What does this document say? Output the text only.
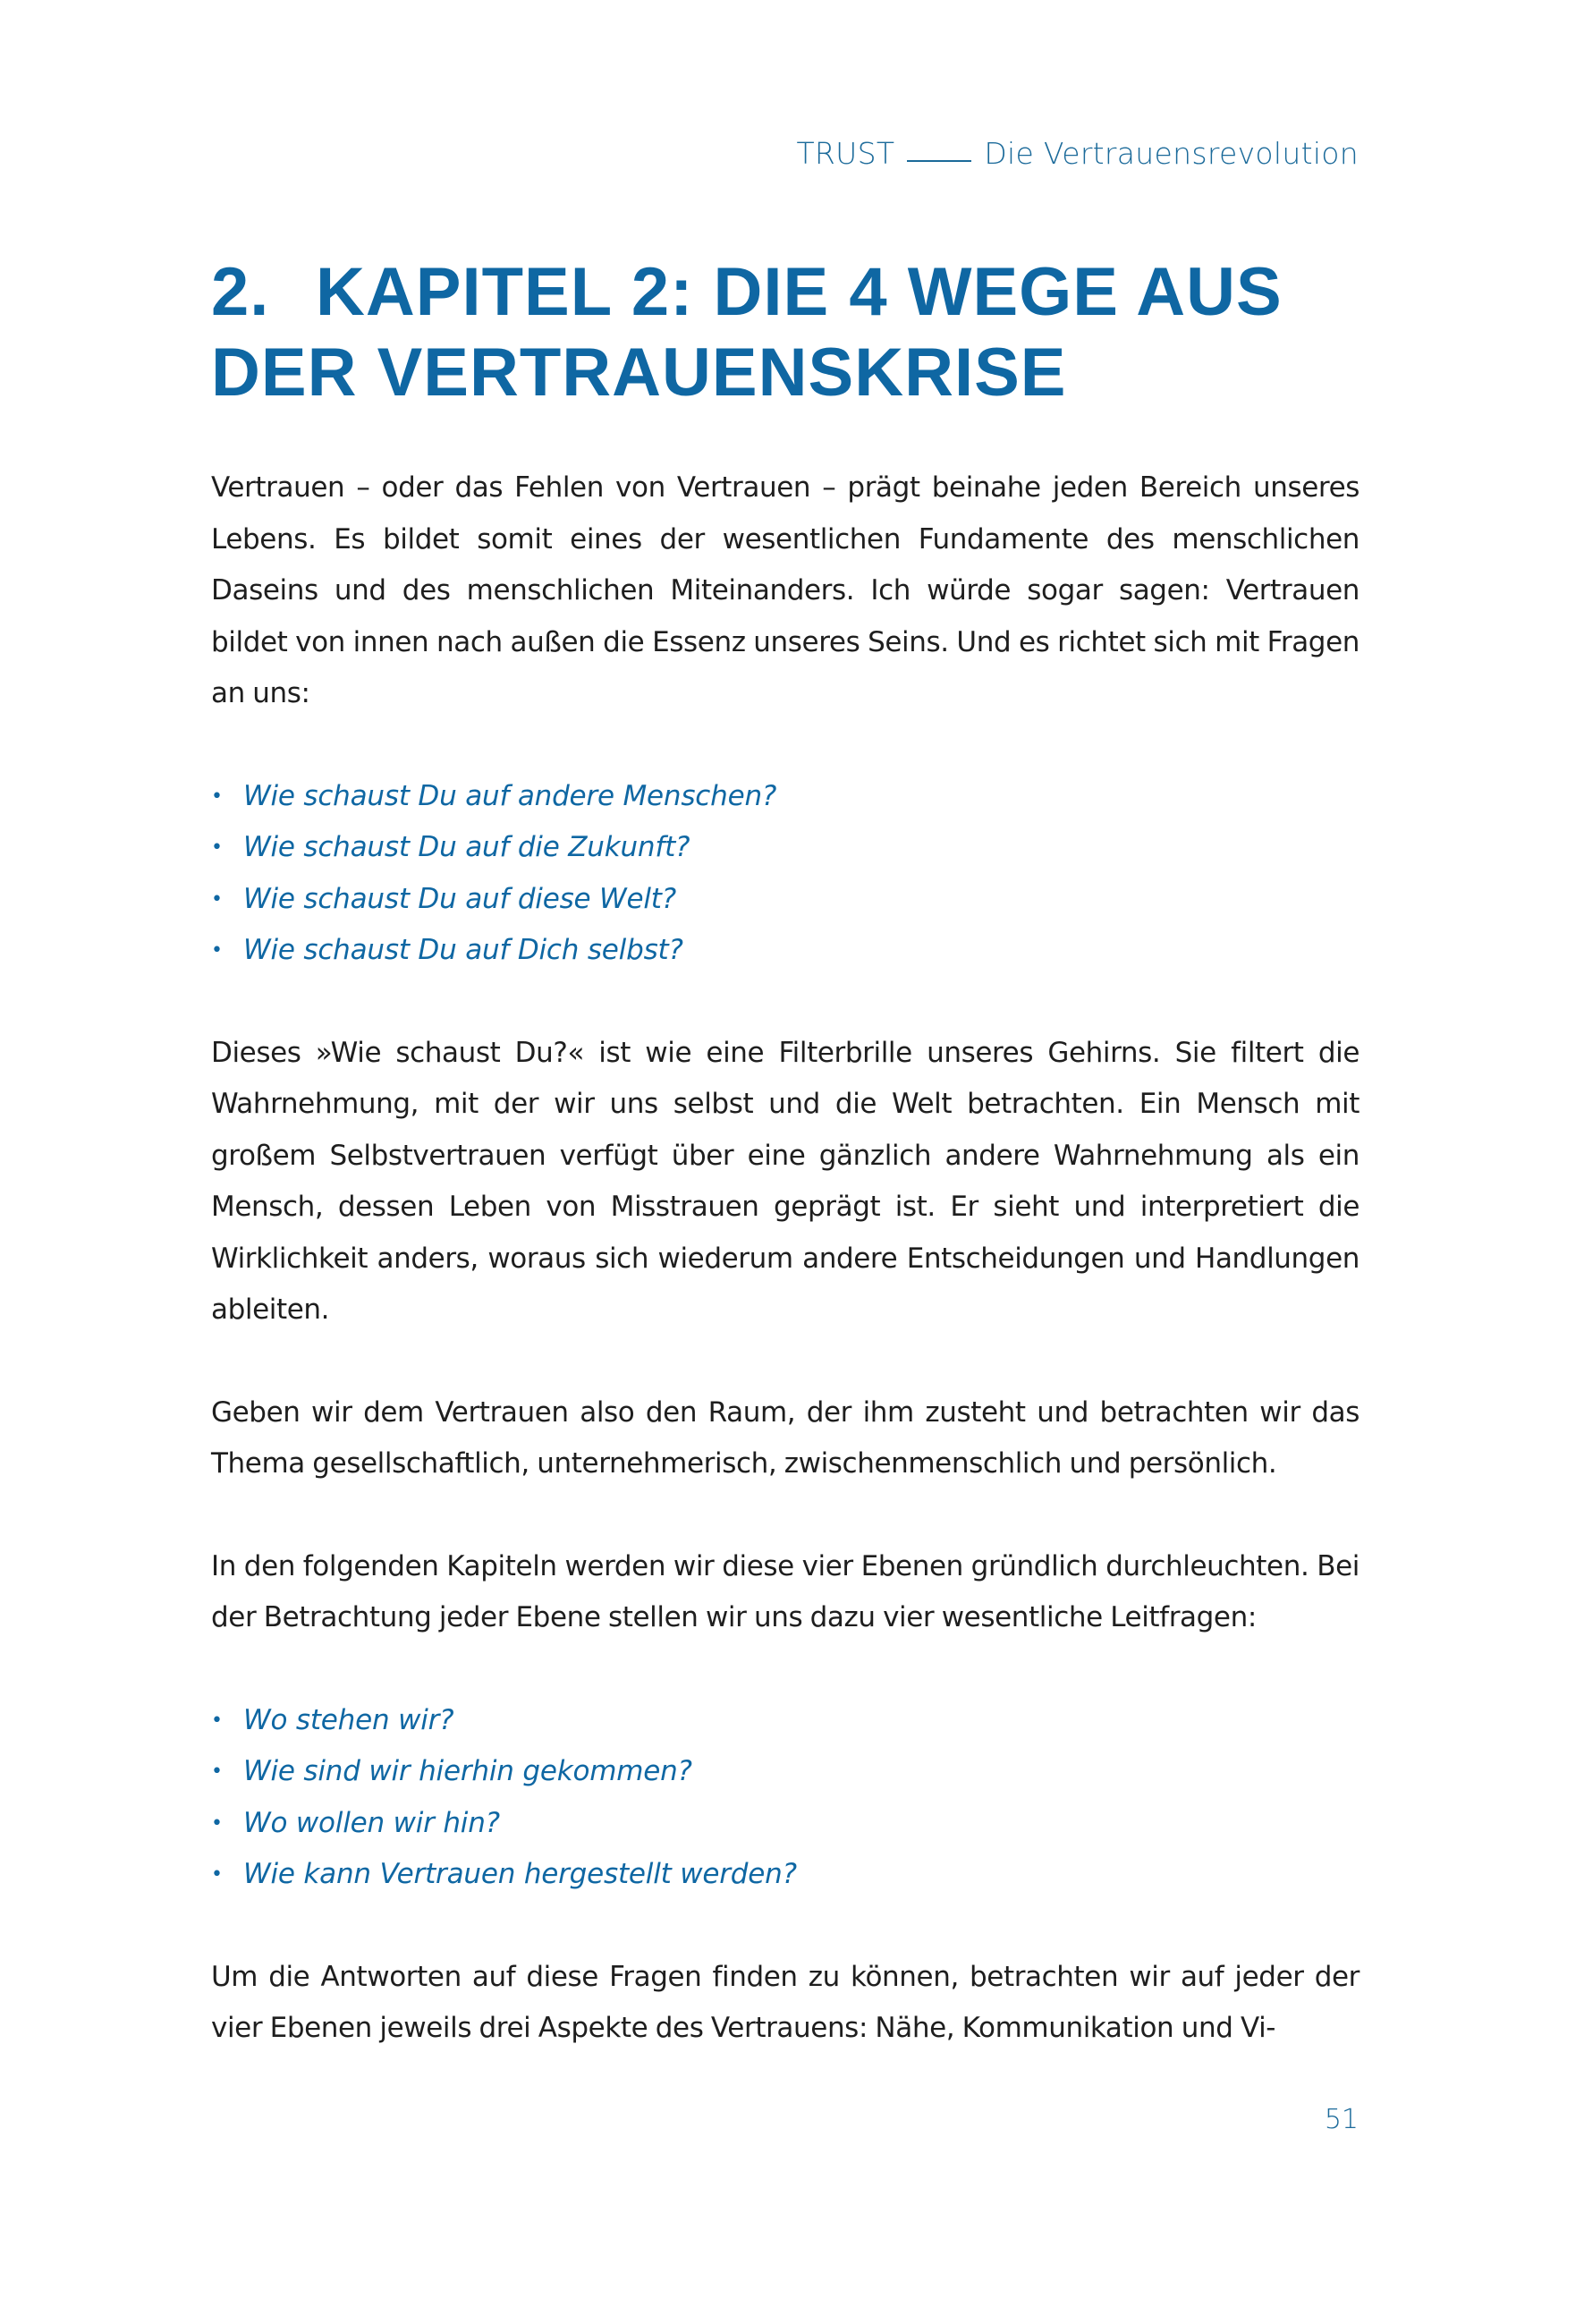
TRUST	Die Vertrauensrevolution
2. KAPITEL 2: DIE 4 WEGE AUS
DER VERTRAUENSKRISE

Vertrauen – oder das Fehlen von Vertrauen – prägt beinahe jeden Bereich unseres Lebens. Es bildet somit eines der wesentlichen Fundamente des menschlichen Daseins und des menschlichen Miteinanders. Ich würde sogar sagen: Vertrauen bildet von innen nach außen die Essenz unseres Seins. Und es richtet sich mit Fragen an uns:

• Wie schaust Du auf andere Menschen?
• Wie schaust Du auf die Zukunft?
• Wie schaust Du auf diese Welt?
• Wie schaust Du auf Dich selbst?

Dieses »Wie schaust Du?« ist wie eine Filterbrille unseres Gehirns. Sie filtert die Wahrnehmung, mit der wir uns selbst und die Welt betrachten. Ein Mensch mit großem Selbstvertrauen verfügt über eine gänzlich andere Wahrnehmung als ein Mensch, dessen Leben von Misstrauen geprägt ist. Er sieht und interpretiert die Wirklichkeit anders, woraus sich wiederum andere Entscheidungen und Handlungen ableiten.

Geben wir dem Vertrauen also den Raum, der ihm zusteht und betrachten wir das Thema gesellschaftlich, unternehmerisch, zwischenmenschlich und persönlich.

In den folgenden Kapiteln werden wir diese vier Ebenen gründlich durchleuchten. Bei der Betrachtung jeder Ebene stellen wir uns dazu vier wesentliche Leitfragen:

• Wo stehen wir?
• Wie sind wir hierhin gekommen?
• Wo wollen wir hin?
• Wie kann Vertrauen hergestellt werden?

Um die Antworten auf diese Fragen finden zu können, betrachten wir auf jeder der vier Ebenen jeweils drei Aspekte des Vertrauens: Nähe, Kommunikation und Vi-

51
